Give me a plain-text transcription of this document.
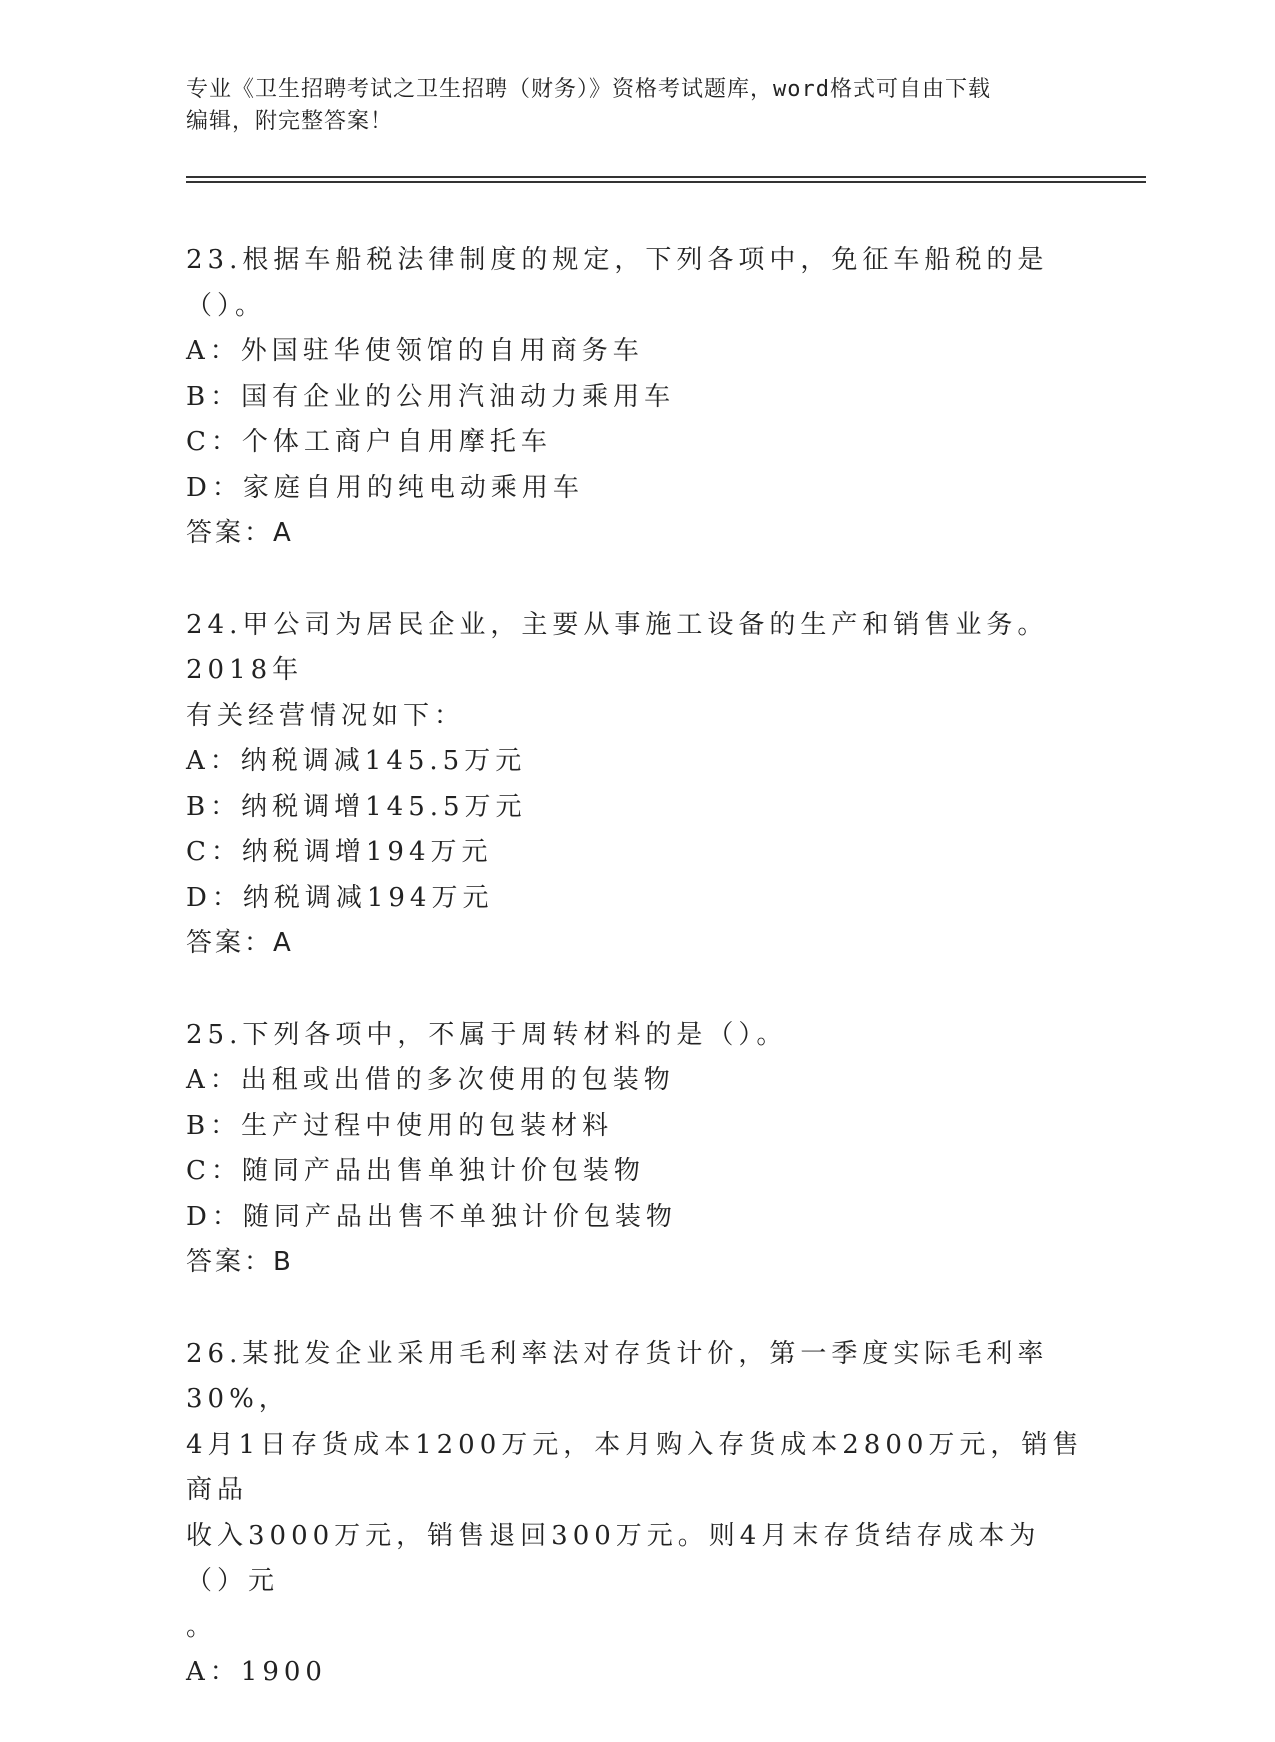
专业《卫生招聘考试之卫生招聘（财务）》资格考试题库，word格式可自由下载
编辑，附完整答案！

23.根据车船税法律制度的规定，下列各项中，免征车船税的是（）。

A：外国驻华使领馆的自用商务车

B：国有企业的公用汽油动力乘用车

C：个体工商户自用摩托车

D：家庭自用的纯电动乘用车

答案：A

24.甲公司为居民企业，主要从事施工设备的生产和销售业务。2018年

有关经营情况如下：

A：纳税调减145.5万元

B：纳税调增145.5万元

C：纳税调增194万元

D：纳税调减194万元

答案：A

25.下列各项中，不属于周转材料的是（）。

A：出租或出借的多次使用的包装物

B：生产过程中使用的包装材料

C：随同产品出售单独计价包装物

D：随同产品出售不单独计价包装物

答案：B

26.某批发企业采用毛利率法对存货计价，第一季度实际毛利率30%，

4月1日存货成本1200万元，本月购入存货成本2800万元，销售商品

收入3000万元，销售退回300万元。则4月末存货结存成本为（）元

。

A：1900
